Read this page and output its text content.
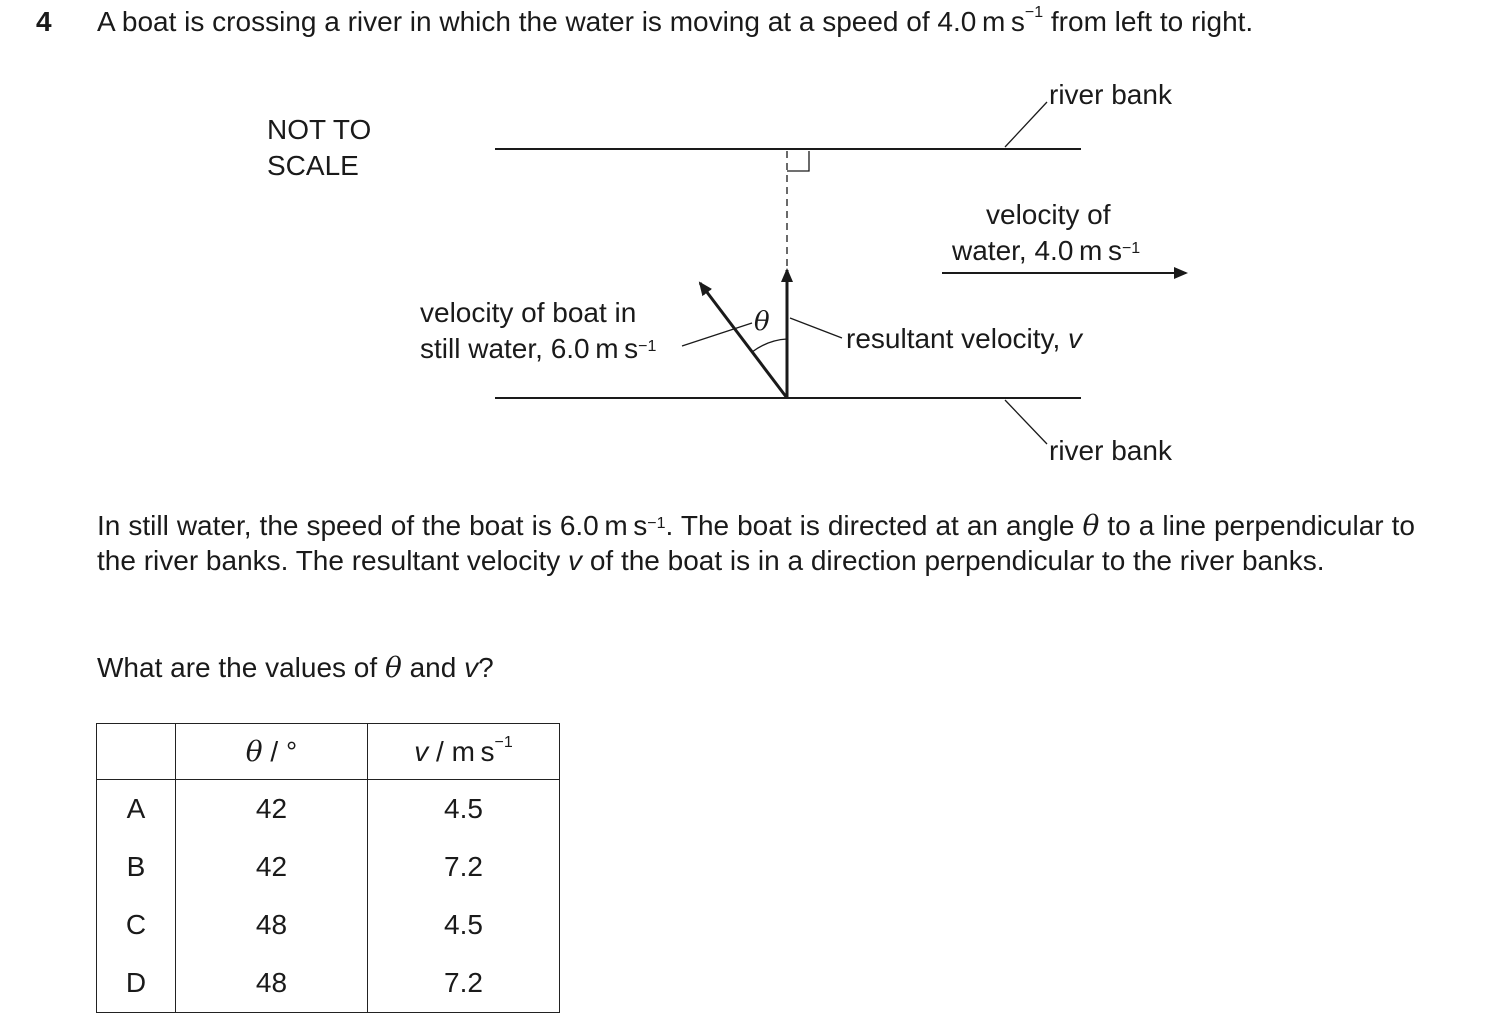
4 A boat is crossing a river in which the water is moving at a speed of 4.0 m $s^{-1}$ from left to right.
NOT TO
SCALE
river bank
river bank
velocity of
water, 4.0 m $s^{-1}$
velocity of boat in
still water, 6.0 m $s^{-1}$
θ
resultant velocity, v
In still water, the speed of the boat is 6.0 m $s^{-1}$. The boat is directed at an angle θ to a line perpendicular to the river banks. The resultant velocity v of the boat is in a direction perpendicular to the river banks.
What are the values of θ and v?
	θ / °	v / m $s^{-1}$
A	42	4.5
B	42	7.2
C	48	4.5
D	48	7.2
